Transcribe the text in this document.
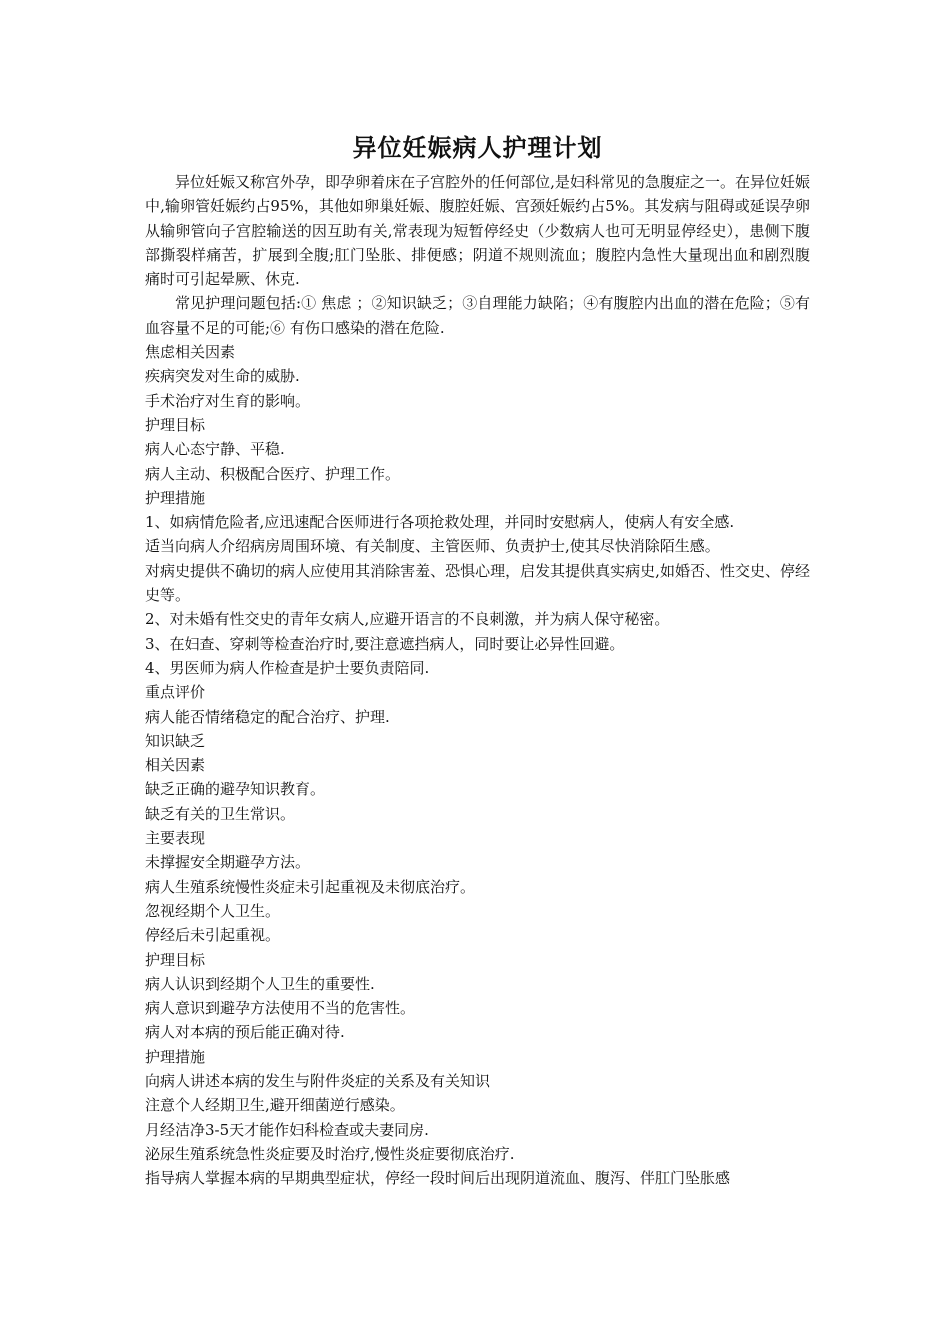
异位妊娠病人护理计划

异位妊娠又称宫外孕，即孕卵着床在子宫腔外的任何部位,是妇科常见的急腹症之一。在异位妊娠中,输卵管妊娠约占95%，其他如卵巢妊娠、腹腔妊娠、宫颈妊娠约占5%。其发病与阻碍或延误孕卵从输卵管向子宫腔输送的因互助有关,常表现为短暂停经史（少数病人也可无明显停经史），患侧下腹部撕裂样痛苦，扩展到全腹;肛门坠胀、排便感；阴道不规则流血；腹腔内急性大量现出血和剧烈腹痛时可引起晕厥、休克.

常见护理问题包括:① 焦虑 ；②知识缺乏；③自理能力缺陷；④有腹腔内出血的潜在危险；⑤有血容量不足的可能;⑥ 有伤口感染的潜在危险.

焦虑相关因素

疾病突发对生命的威胁.

手术治疗对生育的影响。

护理目标

病人心态宁静、平稳.

病人主动、积极配合医疗、护理工作。

护理措施

1、如病情危险者,应迅速配合医师进行各项抢救处理，并同时安慰病人，使病人有安全感.

适当向病人介绍病房周围环境、有关制度、主管医师、负责护士,使其尽快消除陌生感。

对病史提供不确切的病人应使用其消除害羞、恐惧心理，启发其提供真实病史,如婚否、性交史、停经史等。

2、对未婚有性交史的青年女病人,应避开语言的不良刺激，并为病人保守秘密。

3、在妇查、穿刺等检查治疗时,要注意遮挡病人，同时要让必异性回避。

4、男医师为病人作检查是护士要负责陪同.

重点评价

病人能否情绪稳定的配合治疗、护理.

知识缺乏

相关因素

缺乏正确的避孕知识教育。

缺乏有关的卫生常识。

主要表现

未撑握安全期避孕方法。

病人生殖系统慢性炎症未引起重视及未彻底治疗。

忽视经期个人卫生。

停经后未引起重视。

护理目标

病人认识到经期个人卫生的重要性.

病人意识到避孕方法使用不当的危害性。

病人对本病的预后能正确对待.

护理措施

向病人讲述本病的发生与附件炎症的关系及有关知识

注意个人经期卫生,避开细菌逆行感染。

月经洁净3-5天才能作妇科检查或夫妻同房.

泌尿生殖系统急性炎症要及时治疗,慢性炎症要彻底治疗.

指导病人掌握本病的早期典型症状，停经一段时间后出现阴道流血、腹泻、伴肛门坠胀感
